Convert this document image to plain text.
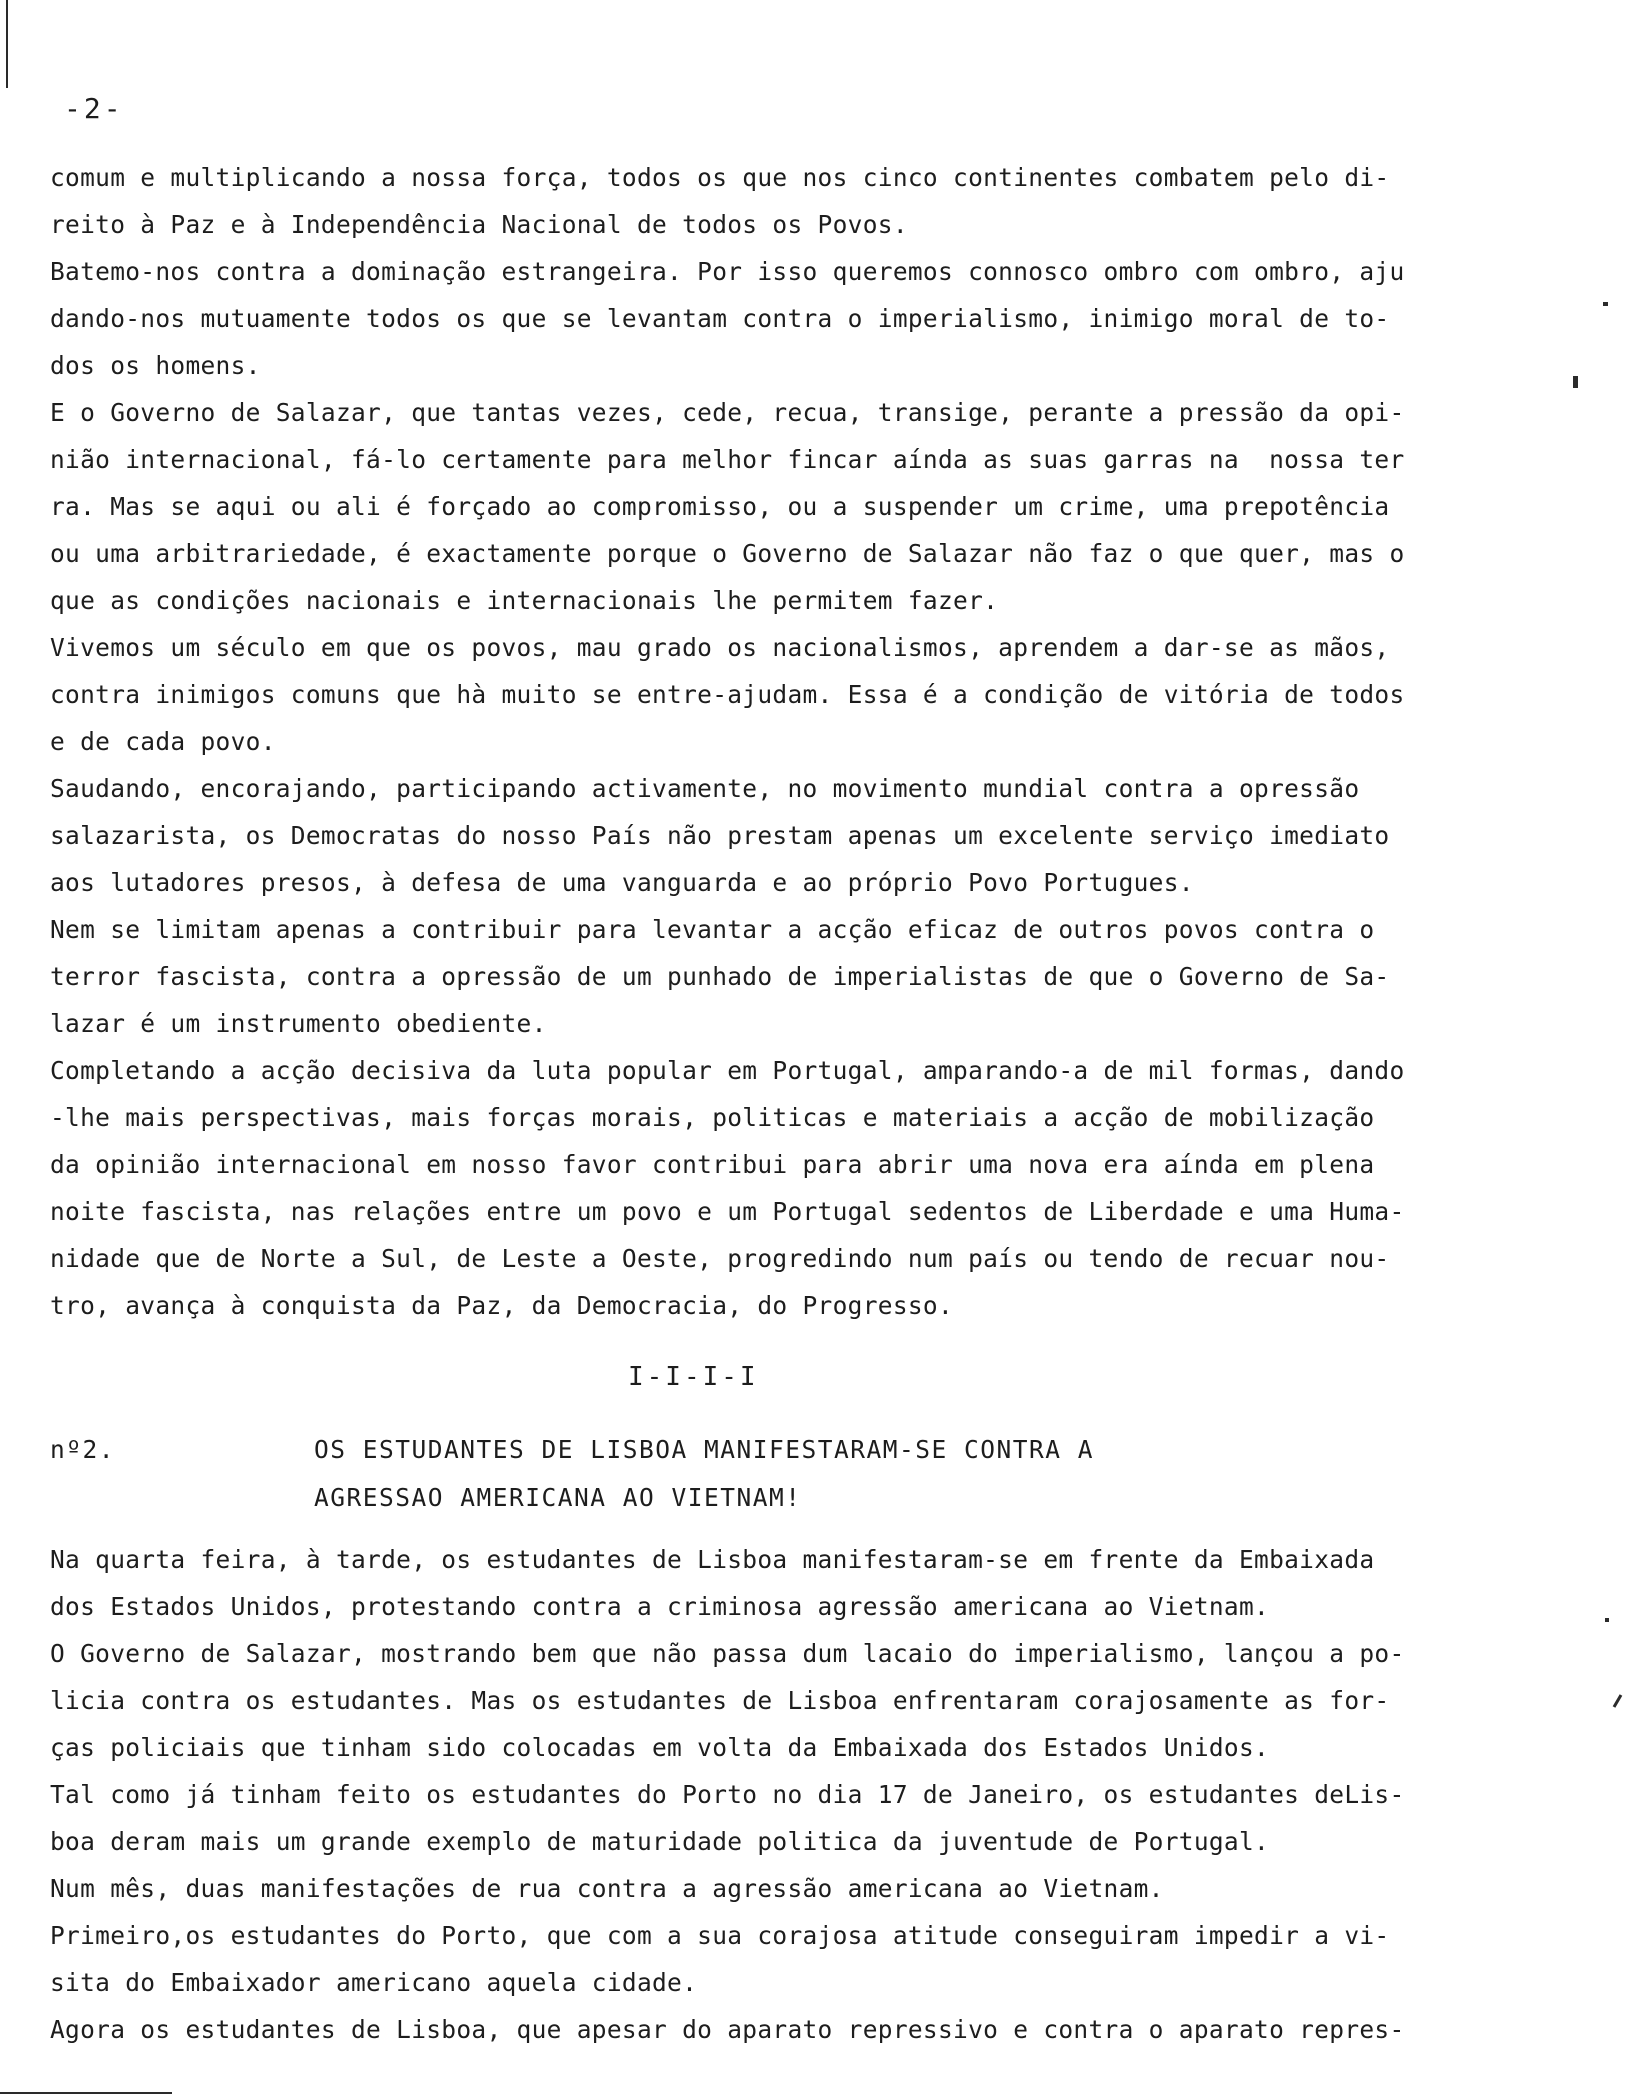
-2-
comum e multiplicando a nossa força, todos os que nos cinco continentes combatem pelo di-
reito à Paz e à Independência Nacional de todos os Povos.
Batemo-nos contra a dominação estrangeira. Por isso queremos connosco ombro com ombro, aju
dando-nos mutuamente todos os que se levantam contra o imperialismo, inimigo moral de to-
dos os homens.
E o Governo de Salazar, que tantas vezes, cede, recua, transige, perante a pressão da opi-
nião internacional, fá-lo certamente para melhor fincar aínda as suas garras na  nossa ter
ra. Mas se aqui ou ali é forçado ao compromisso, ou a suspender um crime, uma prepotência
ou uma arbitrariedade, é exactamente porque o Governo de Salazar não faz o que quer, mas o
que as condições nacionais e internacionais lhe permitem fazer.
Vivemos um século em que os povos, mau grado os nacionalismos, aprendem a dar-se as mãos,
contra inimigos comuns que hà muito se entre-ajudam. Essa é a condição de vitória de todos
e de cada povo.
Saudando, encorajando, participando activamente, no movimento mundial contra a opressão
salazarista, os Democratas do nosso País não prestam apenas um excelente serviço imediato
aos lutadores presos, à defesa de uma vanguarda e ao próprio Povo Portugues.
Nem se limitam apenas a contribuir para levantar a acção eficaz de outros povos contra o
terror fascista, contra a opressão de um punhado de imperialistas de que o Governo de Sa-
lazar é um instrumento obediente.
Completando a acção decisiva da luta popular em Portugal, amparando-a de mil formas, dando
-lhe mais perspectivas, mais forças morais, politicas e materiais a acção de mobilização
da opinião internacional em nosso favor contribui para abrir uma nova era aínda em plena
noite fascista, nas relações entre um povo e um Portugal sedentos de Liberdade e uma Huma-
nidade que de Norte a Sul, de Leste a Oeste, progredindo num país ou tendo de recuar nou-
tro, avança à conquista da Paz, da Democracia, do Progresso.
I-I-I-I
nº2.	OS ESTUDANTES DE LISBOA MANIFESTARAM-SE CONTRA A
AGRESSAO AMERICANA AO VIETNAM!
Na quarta feira, à tarde, os estudantes de Lisboa manifestaram-se em frente da Embaixada
dos Estados Unidos, protestando contra a criminosa agressão americana ao Vietnam.
O Governo de Salazar, mostrando bem que não passa dum lacaio do imperialismo, lançou a po-
licia contra os estudantes. Mas os estudantes de Lisboa enfrentaram corajosamente as for-
ças policiais que tinham sido colocadas em volta da Embaixada dos Estados Unidos.
Tal como já tinham feito os estudantes do Porto no dia 17 de Janeiro, os estudantes deLis-
boa deram mais um grande exemplo de maturidade politica da juventude de Portugal.
Num mês, duas manifestações de rua contra a agressão americana ao Vietnam.
Primeiro,os estudantes do Porto, que com a sua corajosa atitude conseguiram impedir a vi-
sita do Embaixador americano aquela cidade.
Agora os estudantes de Lisboa, que apesar do aparato repressivo e contra o aparato repres-
